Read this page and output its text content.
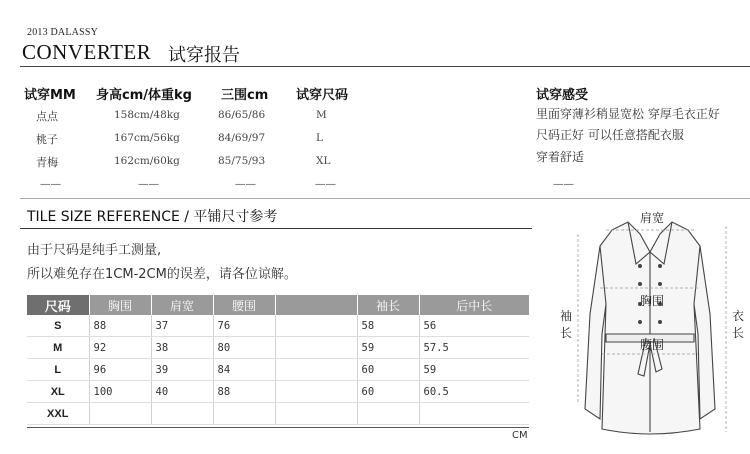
2013 DALASSY
CONVERTER 试穿报告
试穿MM 身高cm/体重kg 三围cm 试穿尺码
点点	158cm/48kg	86/65/86	M
桃子	167cm/56kg	84/69/97	L
青梅	162cm/60kg	85/75/93	XL
——	——	——	——
试穿感受
里面穿薄衫稍显宽松 穿厚毛衣正好
尺码正好 可以任意搭配衣服
穿着舒适
——
TILE SIZE REFERENCE / 平铺尺寸参考
由于尺码是纯手工测量,
所以难免存在1CM-2CM的误差，请各位谅解。
尺码	胸围	肩宽	腰围		袖长	后中长
S	88	37	76		58	56
M	92	38	80		59	57.5
L	96	39	84		60	59
XL	100	40	88		60	60.5
XXL						
CM
肩宽
胸围
腰围
袖
长
衣
长
